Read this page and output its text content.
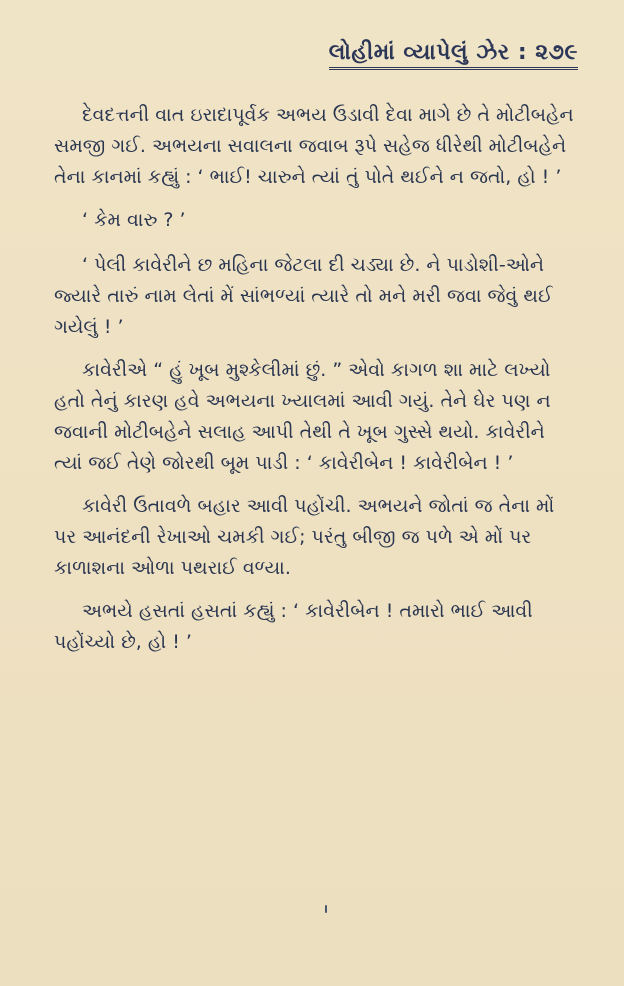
લોહીમાં વ્યાપેલું ઝેર : ૨૭૯

દેવદત્તની વાત ઇરાદાપૂર્વક અભય ઉડાવી દેવા માગે છે તે મોટીબહેન સમજી ગઈ. અભયના સવાલના જવાબ રૂપે સહેજ ધીરેથી મોટીબહેને તેના કાનમાં કહ્યું : ‘ ભાઈ! ચારુને ત્યાં તું પોતે થઈને ન જતો, હો ! ’

‘ કેમ વારુ ? ’

‘ પેલી કાવેરીને છ મહિના જેટલા દી ચડ્યા છે. ને પાડોશી-ઓને જ્યારે તારું નામ લેતાં મેં સાંભળ્યાં ત્યારે તો મને મરી જવા જેવું થઈ ગયેલું ! ’

કાવેરીએ “ હું ખૂબ મુશ્કેલીમાં છું. ” એવો કાગળ શા માટે લખ્યો હતો તેનું કારણ હવે અભયના ખ્યાલમાં આવી ગયું. તેને ઘેર પણ ન જવાની મોટીબહેને સલાહ આપી તેથી તે ખૂબ ગુસ્સે થયો. કાવેરીને ત્યાં જઈ તેણે જોરથી બૂમ પાડી : ‘ કાવેરીબેન ! કાવેરીબેન ! ’

કાવેરી ઉતાવળે બહાર આવી પહોંચી. અભયને જોતાં જ તેના મોં પર આનંદની રેખાઓ ચમકી ગઈ; પરંતુ બીજી જ પળે એ મોં પર કાળાશના ઓળા પથરાઈ વળ્યા.

અભયે હસતાં હસતાં કહ્યું : ‘ કાવેરીબેન ! તમારો ભાઈ આવી પહોંચ્યો છે, હો ! ’
